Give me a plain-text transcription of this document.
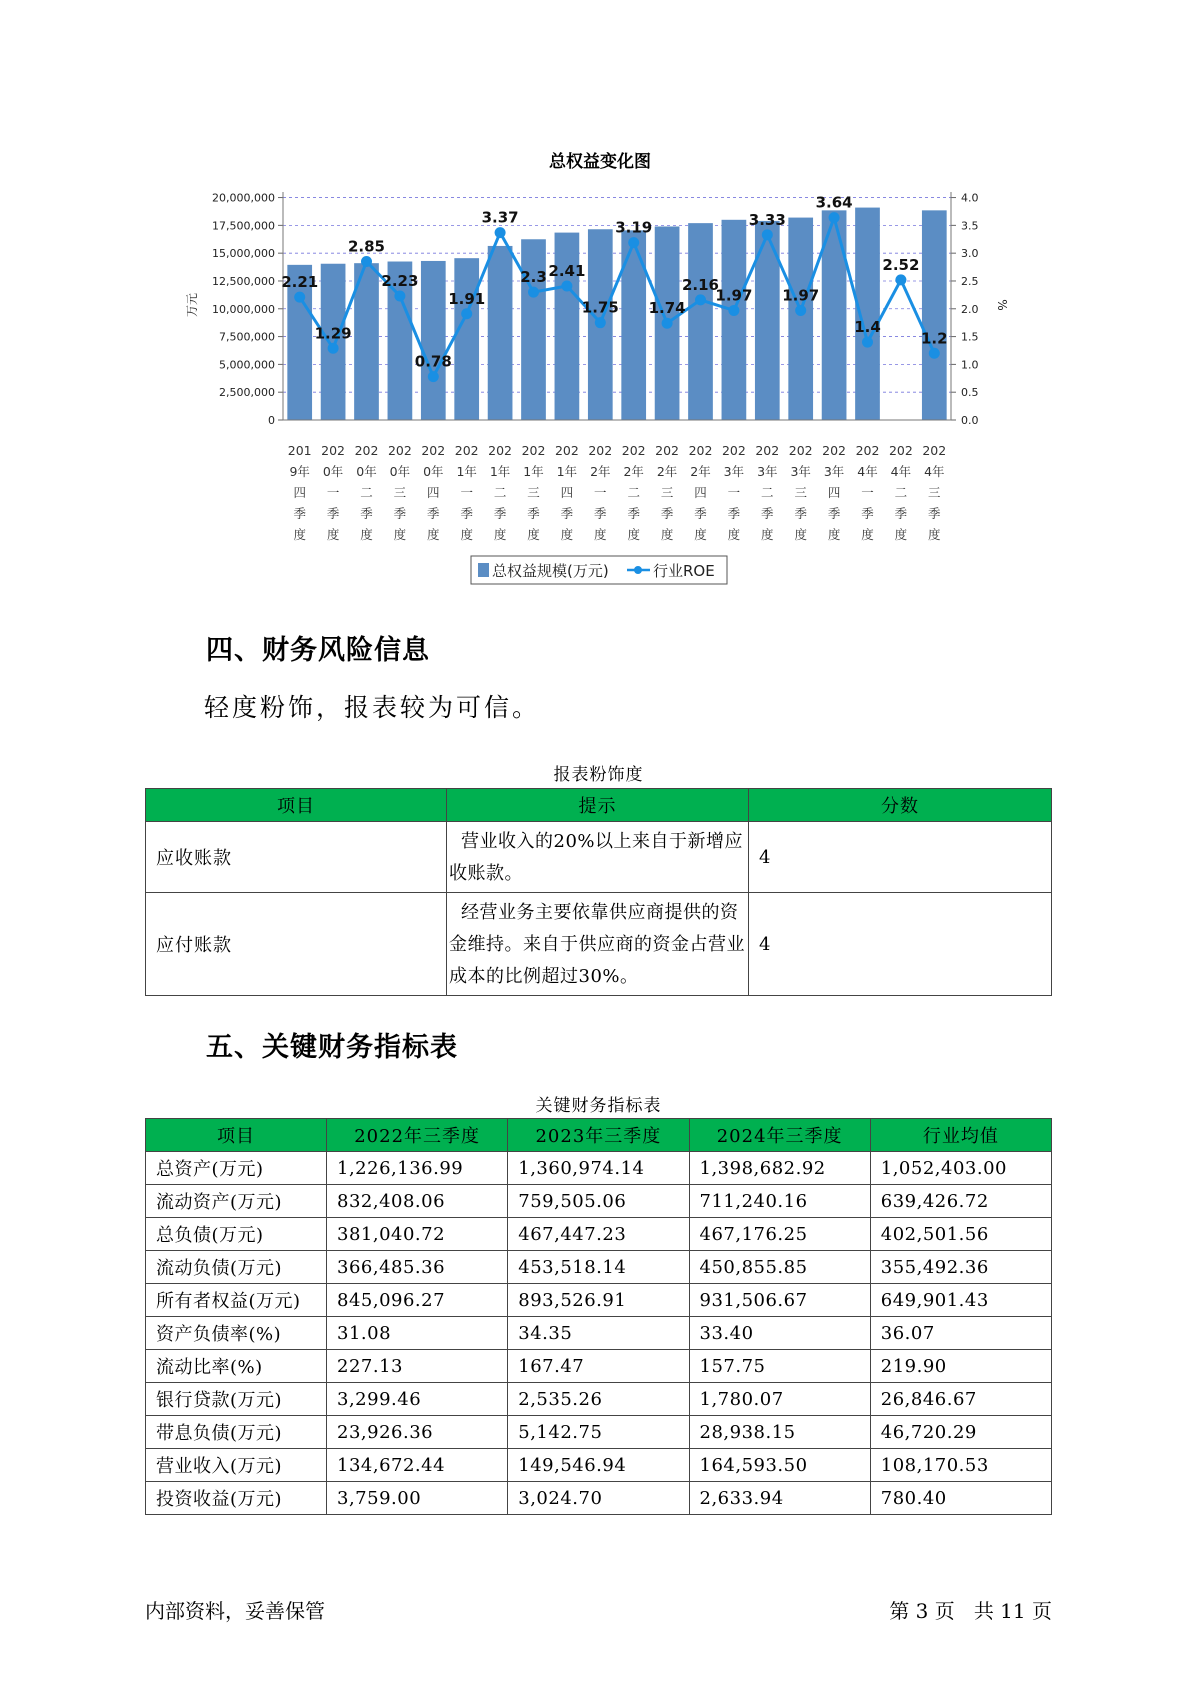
总权益变化图
0
2,500,000
5,000,000
7,500,000
10,000,000
12,500,000
15,000,000
17,500,000
20,000,000
0.0
0.5
1.0
1.5
2.0
2.5
3.0
3.5
4.0
201
9年
四
季
度
202
0年
一
季
度
202
0年
二
季
度
202
0年
三
季
度
202
0年
四
季
度
202
1年
一
季
度
202
1年
二
季
度
202
1年
三
季
度
202
1年
四
季
度
202
2年
一
季
度
202
2年
二
季
度
202
2年
三
季
度
202
2年
四
季
度
202
3年
一
季
度
202
3年
二
季
度
202
3年
三
季
度
202
3年
四
季
度
202
4年
一
季
度
202
4年
二
季
度
202
4年
三
季
度
2.21
1.29
2.85
2.23
0.78
1.91
3.37
2.3 2.41
1.75
3.19
1.74
2.16
1.97
3.33
1.97
3.64
1.4
2.52
1.2
万元	%
总权益规模(万元)	行业ROE
四、财务风险信息

轻度粉饰，报表较为可信。

报表粉饰度
项目	提示	分数
应收账款	营业收入的20%以上来自于新增应收账款。	4
应付账款	经营业务主要依靠供应商提供的资金维持。来自于供应商的资金占营业成本的比例超过30%。	4
五、关键财务指标表
关键财务指标表
项目	2022年三季度	2023年三季度	2024年三季度	行业均值
总资产(万元)	1,226,136.99	1,360,974.14	1,398,682.92	1,052,403.00
流动资产(万元)	832,408.06	759,505.06	711,240.16	639,426.72
总负债(万元)	381,040.72	467,447.23	467,176.25	402,501.56
流动负债(万元)	366,485.36	453,518.14	450,855.85	355,492.36
所有者权益(万元)	845,096.27	893,526.91	931,506.67	649,901.43
资产负债率(%)	31.08	34.35	33.40	36.07
流动比率(%)	227.13	167.47	157.75	219.90
银行贷款(万元)	3,299.46	2,535.26	1,780.07	26,846.67
带息负债(万元)	23,926.36	5,142.75	28,938.15	46,720.29
营业收入(万元)	134,672.44	149,546.94	164,593.50	108,170.53
投资收益(万元)	3,759.00	3,024.70	2,633.94	780.40
内部资料，妥善保管	第 3 页   共 11 页
